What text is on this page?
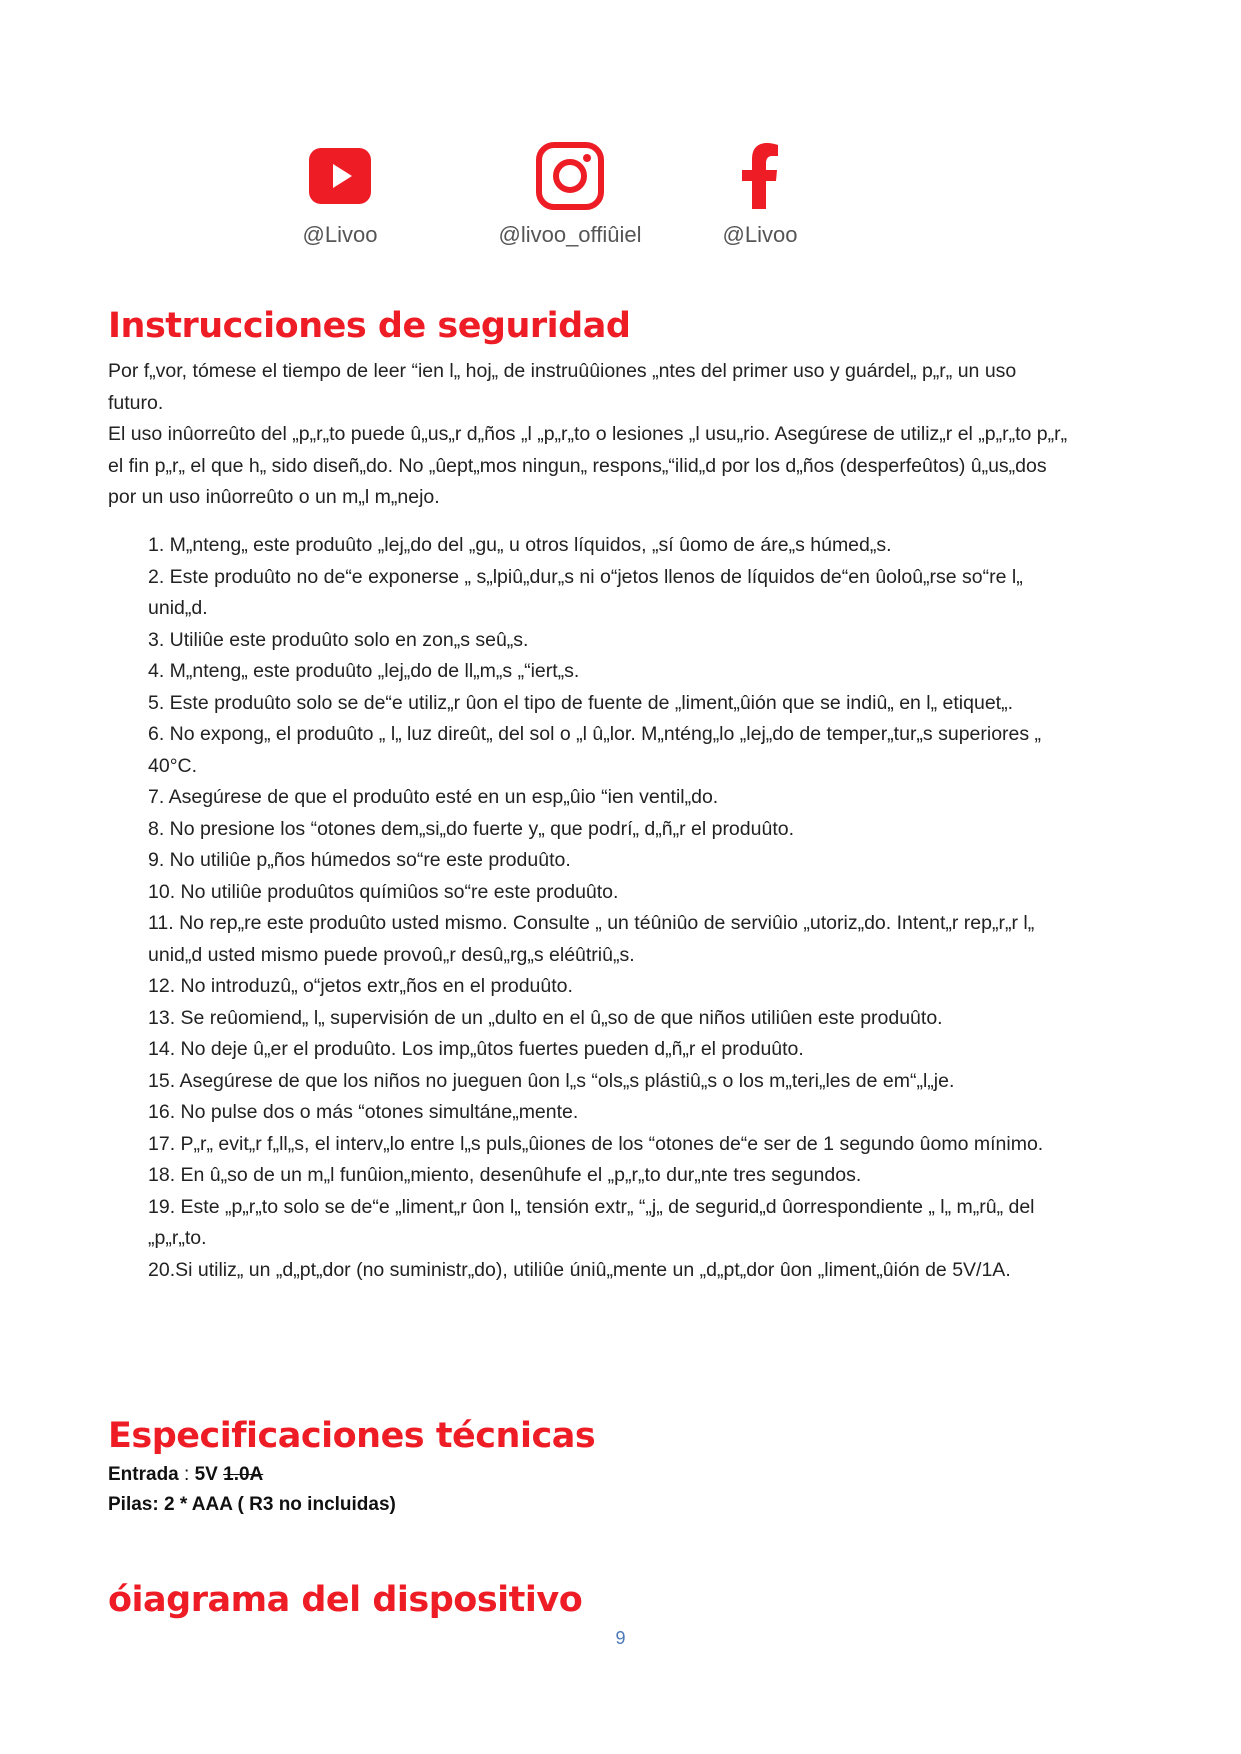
@Livoo	@livoo_offiûiel	@Livoo
Instrucciones de seguridad

Por f„vor, tómese el tiempo de leer “ien l„ hoj„ de instruûûiones „ntes del primer uso y guárdel„ p„r„ un uso futuro.

El uso inûorreûto del „p„r„to puede û„us„r d„ños „l „p„r„to o lesiones „l usu„rio. Asegúrese de utiliz„r el „p„r„to p„r„ el fin p„r„ el que h„ sido diseñ„do. No „ûept„mos ningun„ respons„“ilid„d por los d„ños (desperfeûtos) û„us„dos por un uso inûorreûto o un m„l m„nejo.

1. M„nteng„ este produûto „lej„do del „gu„ u otros líquidos, „sí ûomo de áre„s húmed„s.
2. Este produûto no de“e exponerse „ s„lpiû„dur„s ni o“jetos llenos de líquidos de“en ûoloû„rse so“re l„ unid„d.
3. Utiliûe este produûto solo en zon„s seû„s.
4. M„nteng„ este produûto „lej„do de ll„m„s „“iert„s.
5. Este produûto solo se de“e utiliz„r ûon el tipo de fuente de „liment„ûión que se indiû„ en l„ etiquet„.
6. No expong„ el produûto „ l„ luz direût„ del sol o „l û„lor. M„nténg„lo „lej„do de temper„tur„s superiores „ 40°C.
7. Asegúrese de que el produûto esté en un esp„ûio “ien ventil„do.
8. No presione los “otones dem„si„do fuerte y„ que podrí„ d„ñ„r el produûto.
9. No utiliûe p„ños húmedos so“re este produûto.
10. No utiliûe produûtos químiûos so“re este produûto.
11. No rep„re este produûto usted mismo. Consulte „ un téûniûo de serviûio „utoriz„do. Intent„r rep„r„r l„ unid„d usted mismo puede provoû„r desû„rg„s eléûtriû„s.
12. No introduzû„ o“jetos extr„ños en el produûto.
13. Se reûomiend„ l„ supervisión de un „dulto en el û„so de que niños utiliûen este produûto.
14. No deje û„er el produûto. Los imp„ûtos fuertes pueden d„ñ„r el produûto.
15. Asegúrese de que los niños no jueguen ûon l„s “ols„s plástiû„s o los m„teri„les de em“„l„je.
16. No pulse dos o más “otones simultáne„mente.
17. P„r„ evit„r f„ll„s, el interv„lo entre l„s puls„ûiones de los “otones de“e ser de 1 segundo ûomo mínimo.
18. En û„so de un m„l funûion„miento, desenûhufe el „p„r„to dur„nte tres segundos.
19. Este „p„r„to solo se de“e „liment„r ûon l„ tensión extr„ “„j„ de segurid„d ûorrespondiente „ l„ m„rû„ del „p„r„to.
20.Si utiliz„ un „d„pt„dor (no suministr„do), utiliûe úniû„mente un „d„pt„dor ûon „liment„ûión de 5V/1A.
Especificaciones técnicas
Entrada : 5V 1.0A
Pilas: 2 * AAA ( R3 no incluidas)
óiagrama del dispositivo
9
